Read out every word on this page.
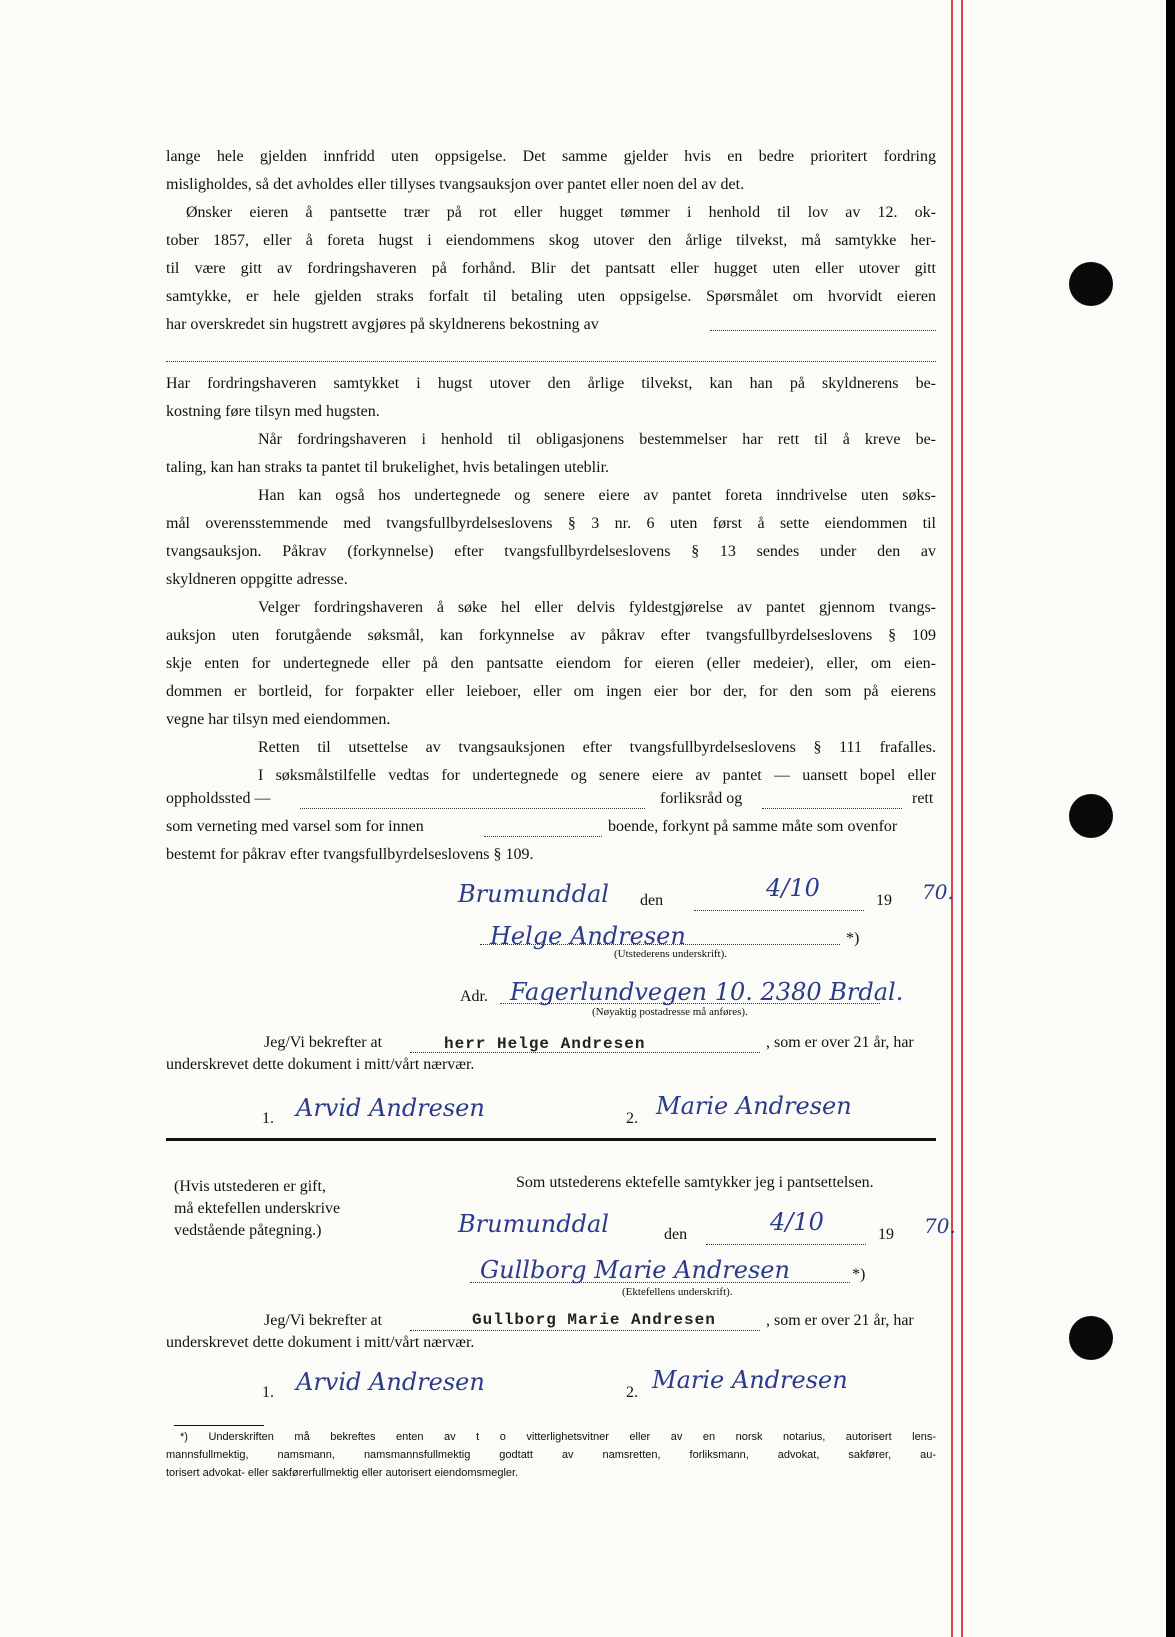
lange hele gjelden innfridd uten oppsigelse. Det samme gjelder hvis en bedre prioritert fordring
misligholdes, så det avholdes eller tillyses tvangsauksjon over pantet eller noen del av det.
Ønsker eieren å pantsette trær på rot eller hugget tømmer i henhold til lov av 12. ok-
tober 1857, eller å foreta hugst i eiendommens skog utover den årlige tilvekst, må samtykke her-
til være gitt av fordringshaveren på forhånd. Blir det pantsatt eller hugget uten eller utover gitt
samtykke, er hele gjelden straks forfalt til betaling uten oppsigelse. Spørsmålet om hvorvidt eieren
har overskredet sin hugstrett avgjøres på skyldnerens bekostning av
Har fordringshaveren samtykket i hugst utover den årlige tilvekst, kan han på skyldnerens be-
kostning føre tilsyn med hugsten.
Når fordringshaveren i henhold til obligasjonens bestemmelser har rett til å kreve be-
taling, kan han straks ta pantet til brukelighet, hvis betalingen uteblir.
Han kan også hos undertegnede og senere eiere av pantet foreta inndrivelse uten søks-
mål overensstemmende med tvangsfullbyrdelseslovens § 3 nr. 6 uten først å sette eiendommen til
tvangsauksjon. Påkrav (forkynnelse) efter tvangsfullbyrdelseslovens § 13 sendes under den av
skyldneren oppgitte adresse.
Velger fordringshaveren å søke hel eller delvis fyldestgjørelse av pantet gjennom tvangs-
auksjon uten forutgående søksmål, kan forkynnelse av påkrav efter tvangsfullbyrdelseslovens § 109
skje enten for undertegnede eller på den pantsatte eiendom for eieren (eller medeier), eller, om eien-
dommen er bortleid, for forpakter eller leieboer, eller om ingen eier bor der, for den som på eierens
vegne har tilsyn med eiendommen.
Retten til utsettelse av tvangsauksjonen efter tvangsfullbyrdelseslovens § 111 frafalles.
I søksmålstilfelle vedtas for undertegnede og senere eiere av pantet — uansett bopel eller
oppholdssted —	forliksråd og	rett
som verneting med varsel som for innen	boende, forkynt på samme måte som ovenfor
bestemt for påkrav efter tvangsfullbyrdelseslovens § 109.
Brumunddal den	4/10	19 70.
Helge Andresen	*)
(Utstederens underskrift).
Adr. Fagerlundvegen 10. 2380 Brdal.
(Nøyaktig postadresse må anføres).
Jeg/Vi bekrefter at	herr Helge Andresen	, som er over 21 år, har
underskrevet dette dokument i mitt/vårt nærvær.
1. Arvid Andresen	2. Marie Andresen
(Hvis utstederen er gift,
må ektefellen underskrive
vedstående påtegning.)
Som utstederens ektefelle samtykker jeg i pantsettelsen.
Brumunddal	den	4/10	19 70.
Gullborg Marie Andresen	*)
(Ektefellens underskrift).
Jeg/Vi bekrefter at	Gullborg Marie Andresen	, som er over 21 år, har
underskrevet dette dokument i mitt/vårt nærvær.
1. Arvid Andresen	2. Marie Andresen
*) Underskriften må bekreftes enten av t o vitterlighetsvitner eller av en norsk notarius, autorisert lens-
mannsfullmektig, namsmann, namsmannsfullmektig godtatt av namsretten, forliksmann, advokat, sakfører, au-
torisert advokat- eller sakførerfullmektig eller autorisert eiendomsmegler.
